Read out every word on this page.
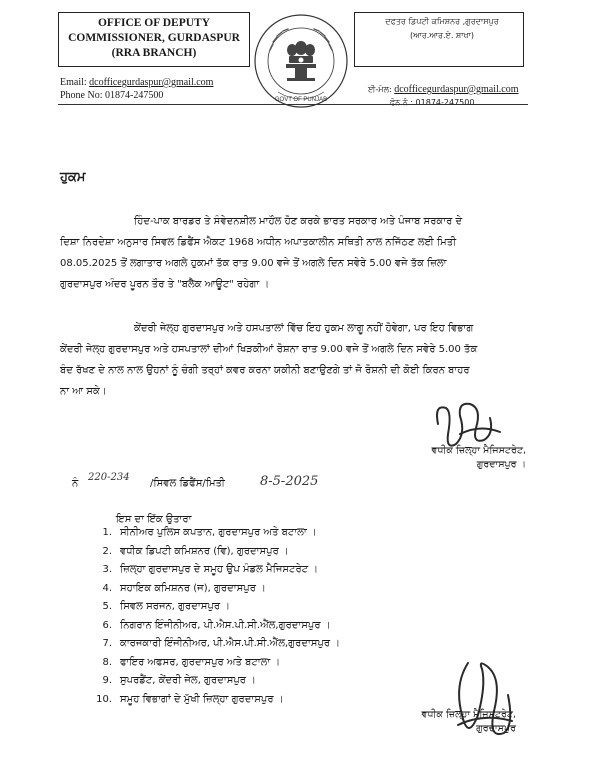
OFFICE OF DEPUTY
COMMISSIONER, GURDASPUR
(RRA BRANCH)
Email: dcofficegurdaspur@gmail.com
Phone No: 01874-247500	GOVT OF PUNJAB
ਦਫਤਰ ਡਿਪਟੀ ਕਮਿਸ਼ਨਰ ,ਗੁਰਦਾਸਪੁਰ
(ਆਰ.ਆਰ.ਏ. ਸ਼ਾਖਾ)
ਈ-ਮੇਲ: dcofficegurdaspur@gmail.com
ਫੋਨ ਨੰ.: 01874-247500
ਹੁਕਮ
ਹਿੰਦ-ਪਾਕ ਬਾਰਡਰ ਤੇ ਸੰਵੇਦਨਸ਼ੀਲ ਮਾਹੌਲ ਹੋਣ ਕਰਕੇ ਭਾਰਤ ਸਰਕਾਰ ਅਤੇ ਪੰਜਾਬ ਸਰਕਾਰ ਦੇ
ਦਿਸ਼ਾ ਨਿਰਦੇਸ਼ਾ ਅਨੁਸਾਰ ਸਿਵਲ ਡਿਫੈਂਸ ਐਕਟ 1968 ਅਧੀਨ ਅਪਾਤਕਾਲੀਨ ਸਥਿਤੀ ਨਾਲ ਨਜਿੱਠਣ ਲਈ ਮਿਤੀ
08.05.2025 ਤੋਂ ਲਗਾਤਾਰ ਅਗਲੇ ਹੁਕਮਾਂ ਤੱਕ ਰਾਤ 9.00 ਵਜੇ ਤੋਂ ਅਗਲੇ ਦਿਨ ਸਵੇਰੇ 5.00 ਵਜੇ ਤੱਕ ਜ਼ਿਲਾ
ਗੁਰਦਾਸਪੁਰ ਅੰਦਰ ਪੂਰਨ ਤੌਰ ਤੇ "ਬਲੈਕ ਆਊਟ" ਰਹੇਗਾ ।
ਕੇਂਦਰੀ ਜੇਲ੍ਹ ਗੁਰਦਾਸਪੁਰ ਅਤੇ ਹਸਪਤਾਲਾਂ ਵਿੱਚ ਇਹ ਹੁਕਮ ਲਾਗੂ ਨਹੀਂ ਹੋਵੇਗਾ, ਪਰ ਇਹ ਵਿਭਾਗ
ਕੇਂਦਰੀ ਜੇਲ੍ਹ ਗੁਰਦਾਸਪੁਰ ਅਤੇ ਹਸਪਤਾਲਾਂ ਦੀਆਂ ਖਿੜਕੀਆਂ ਰੋਸ਼ਨਾ ਰਾਤ 9.00 ਵਜੇ ਤੋਂ ਅਗਲੇ ਦਿਨ ਸਵੇਰੇ 5.00 ਤੱਕ
ਬੰਦ ਰੱਖਣ ਦੇ ਨਾਲ ਨਾਲ ਉਹਨਾਂ ਨੂੰ ਚੰਗੀ ਤਰ੍ਹਾਂ ਕਵਰ ਕਰਨਾ ਯਕੀਨੀ ਬਣਾਉਣਗੇ ਤਾਂ ਜੋ ਰੋਸ਼ਨੀ ਦੀ ਕੋਈ ਕਿਰਨ ਬਾਹਰ
ਨਾ ਆ ਸਕੇ।
ਵਧੀਕ ਜ਼ਿਲ੍ਹਾ ਮੈਜਿਸਟਰੇਟ,
ਗੁਰਦਾਸਪੁਰ ।
ਨੰ
220-234
/ਸਿਵਲ ਡਿਫੈਂਸ/ਮਿਤੀ	8-5-2025
ਇਸ ਦਾ ਇੱਕ ਉਤਾਰਾ
1. ਸੀਨੀਅਰ ਪੁਲਿਸ ਕਪਤਾਨ, ਗੁਰਦਾਸਪੁਰ ਅਤੇ ਬਟਾਲਾ ।
2. ਵਧੀਕ ਡਿਪਟੀ ਕਮਿਸ਼ਨਰ (ਵਿ), ਗੁਰਦਾਸਪੁਰ ।
3. ਜ਼ਿਲ੍ਹਾ ਗੁਰਦਾਸਪੁਰ ਦੇ ਸਮੂਹ ਉਪ ਮੰਡਲ ਮੈਜਿਸਟਰੇਟ ।
4. ਸਹਾਇਕ ਕਮਿਸ਼ਨਰ (ਜ), ਗੁਰਦਾਸਪੁਰ ।
5. ਸਿਵਲ ਸਰਜਨ, ਗੁਰਦਾਸਪੁਰ ।
6. ਨਿਗਰਾਨ ਇੰਜੀਨੀਅਰ, ਪੀ.ਐਸ.ਪੀ.ਸੀ.ਐੱਲ,ਗੁਰਦਾਸਪੁਰ ।
7. ਕਾਰਜਕਾਰੀ ਇੰਜੀਨੀਅਰ, ਪੀ.ਐਸ.ਪੀ.ਸੀ.ਐੱਲ,ਗੁਰਦਾਸਪੁਰ ।
8. ਫਾਇਰ ਅਫਸਰ, ਗੁਰਦਾਸਪੁਰ ਅਤੇ ਬਟਾਲਾ ।
9. ਸੁਪਰਡੈਂਟ, ਕੇਂਦਰੀ ਜੇਲ, ਗੁਰਦਾਸਪੁਰ ।
10. ਸਮੂਹ ਵਿਭਾਗਾਂ ਦੇ ਮੁੱਖੀ ਜ਼ਿਲ੍ਹਾ ਗੁਰਦਾਸਪੁਰ ।
ਵਧੀਕ ਜ਼ਿਲ੍ਹਾ ਮੈਜਿਸਟਰੇਟ,
ਗੁਰਦਾਸਪੁਰ
